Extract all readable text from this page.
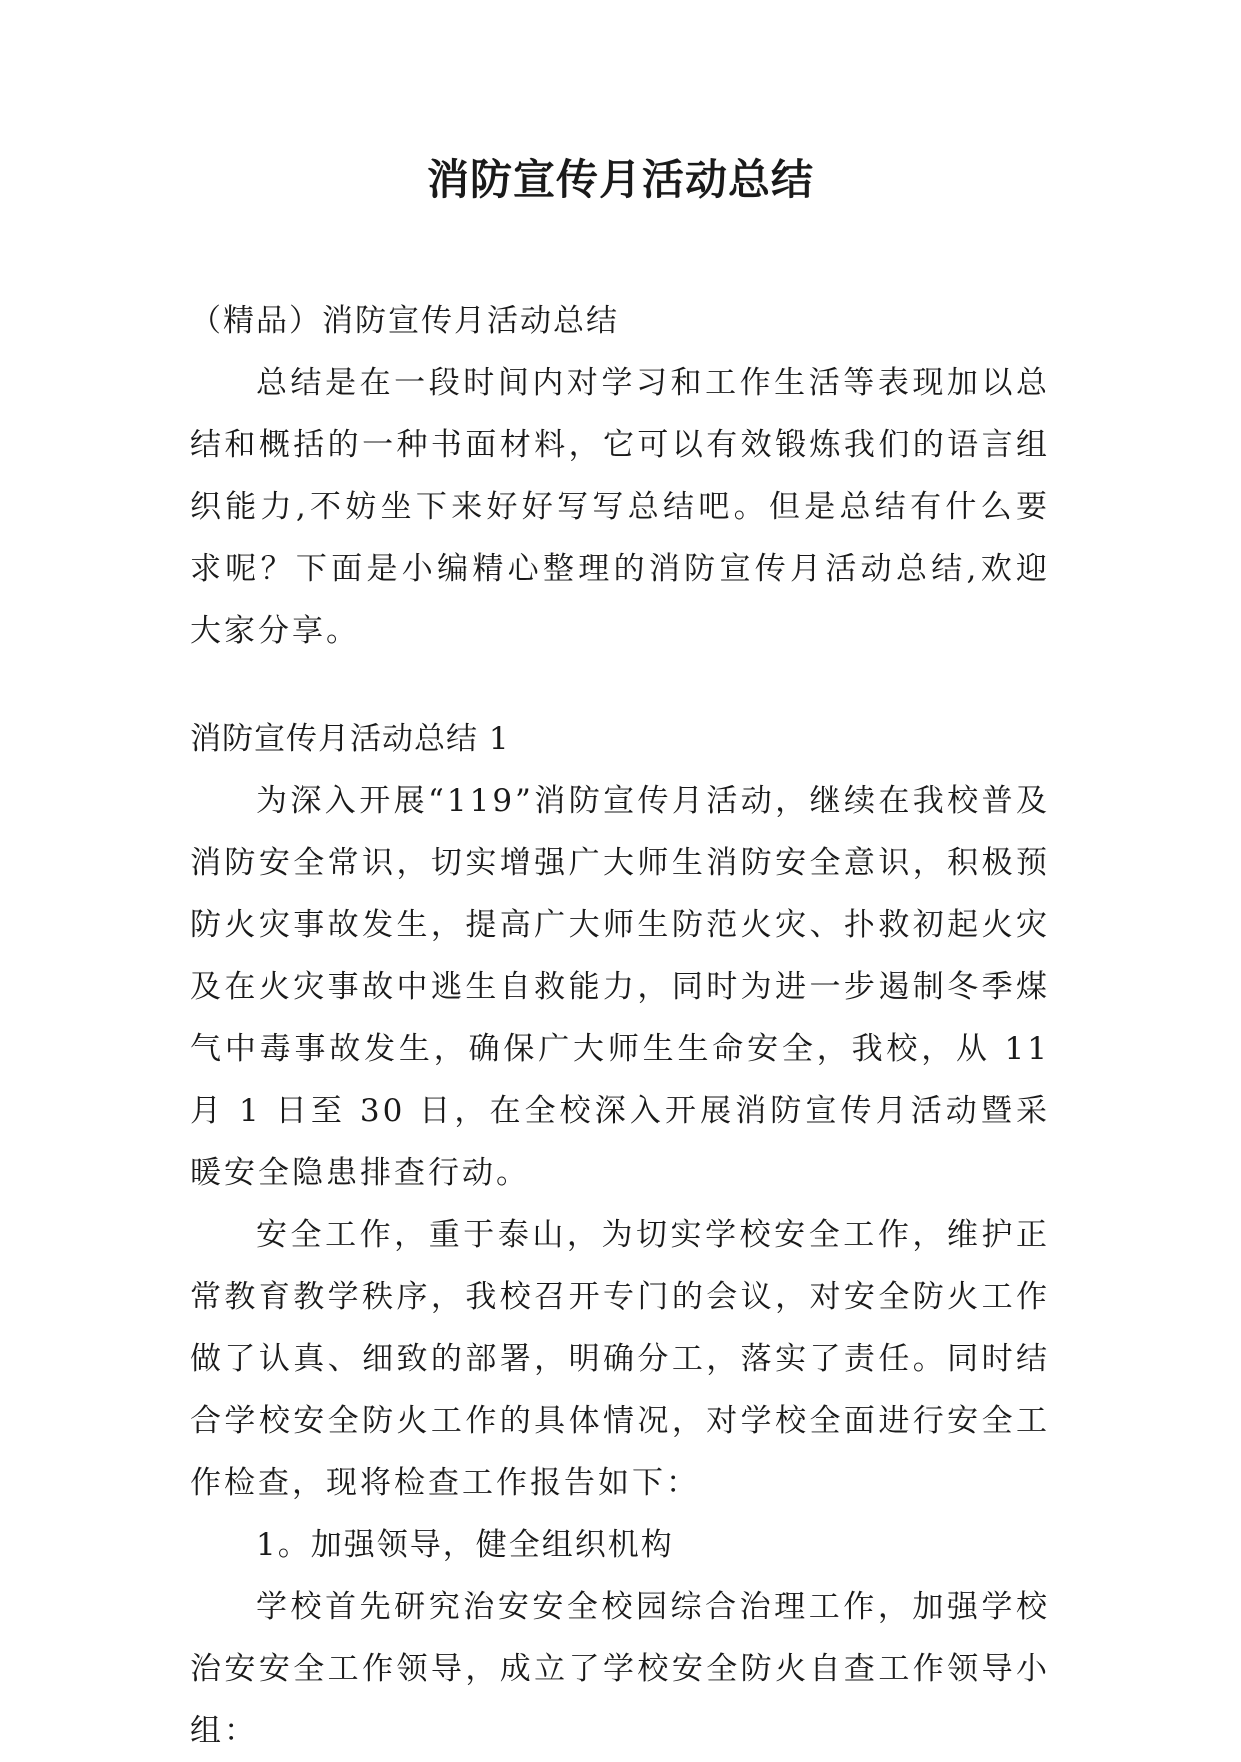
消防宣传月活动总结

（精品）消防宣传月活动总结

总结是在一段时间内对学习和工作生活等表现加以总结和概括的一种书面材料，它可以有效锻炼我们的语言组织能力,不妨坐下来好好写写总结吧。但是总结有什么要求呢？下面是小编精心整理的消防宣传月活动总结,欢迎大家分享。

消防宣传月活动总结 1

为深入开展“119”消防宣传月活动，继续在我校普及消防安全常识，切实增强广大师生消防安全意识，积极预防火灾事故发生，提高广大师生防范火灾、扑救初起火灾及在火灾事故中逃生自救能力，同时为进一步遏制冬季煤气中毒事故发生，确保广大师生生命安全，我校，从 11 月 1 日至 30 日，在全校深入开展消防宣传月活动暨采暖安全隐患排查行动。

安全工作，重于泰山，为切实学校安全工作，维护正常教育教学秩序，我校召开专门的会议，对安全防火工作做了认真、细致的部署，明确分工，落实了责任。同时结合学校安全防火工作的具体情况，对学校全面进行安全工作检查，现将检查工作报告如下：

1。加强领导，健全组织机构

学校首先研究治安安全校园综合治理工作，加强学校治安安全工作领导，成立了学校安全防火自查工作领导小组：
